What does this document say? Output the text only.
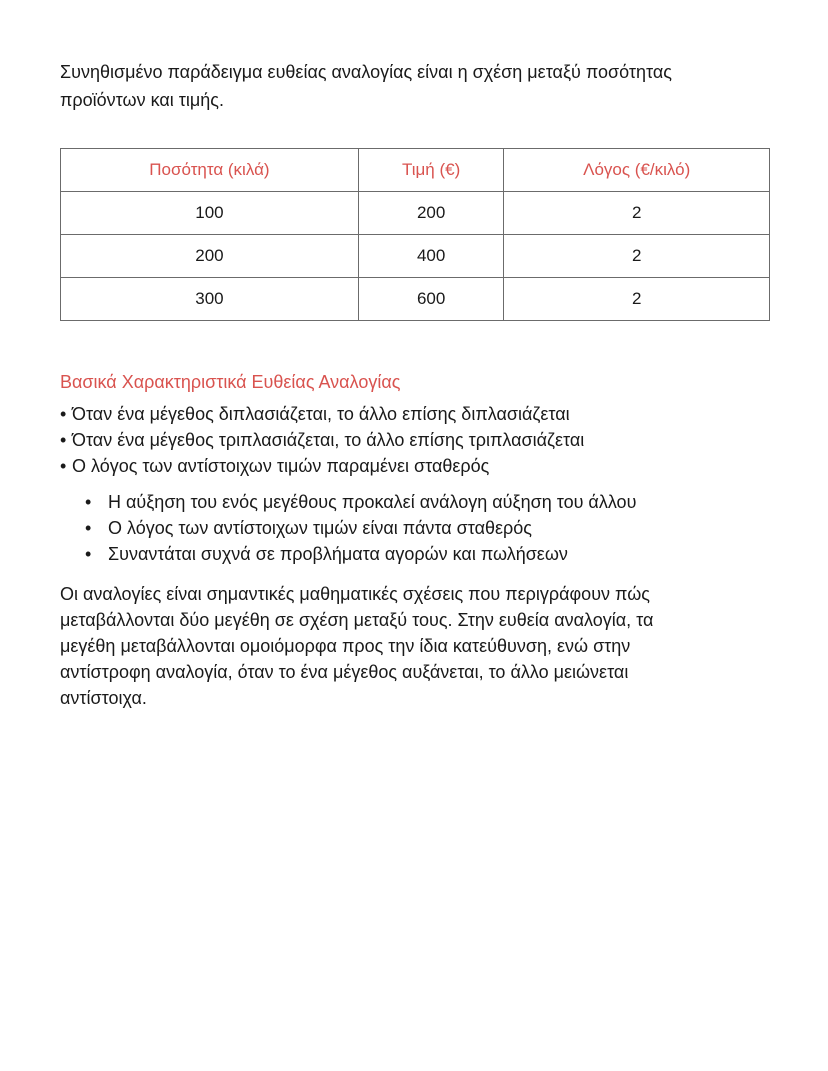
Συνηθισμένο παράδειγμα ευθείας αναλογίας είναι η σχέση μεταξύ ποσότητας
προϊόντων και τιμής.

Ποσότητα (κιλά)	Τιμή (€)	Λόγος (€/κιλό)
100	200	2
200	400	2
300	600	2
Βασικά Χαρακτηριστικά Ευθείας Αναλογίας
• Όταν ένα μέγεθος διπλασιάζεται, το άλλο επίσης διπλασιάζεται
• Όταν ένα μέγεθος τριπλασιάζεται, το άλλο επίσης τριπλασιάζεται
• Ο λόγος των αντίστοιχων τιμών παραμένει σταθερός
• Η αύξηση του ενός μεγέθους προκαλεί ανάλογη αύξηση του άλλου
• Ο λόγος των αντίστοιχων τιμών είναι πάντα σταθερός
• Συναντάται συχνά σε προβλήματα αγορών και πωλήσεων

Οι αναλογίες είναι σημαντικές μαθηματικές σχέσεις που περιγράφουν πώς
μεταβάλλονται δύο μεγέθη σε σχέση μεταξύ τους. Στην ευθεία αναλογία, τα
μεγέθη μεταβάλλονται ομοιόμορφα προς την ίδια κατεύθυνση, ενώ στην
αντίστροφη αναλογία, όταν το ένα μέγεθος αυξάνεται, το άλλο μειώνεται
αντίστοιχα.
